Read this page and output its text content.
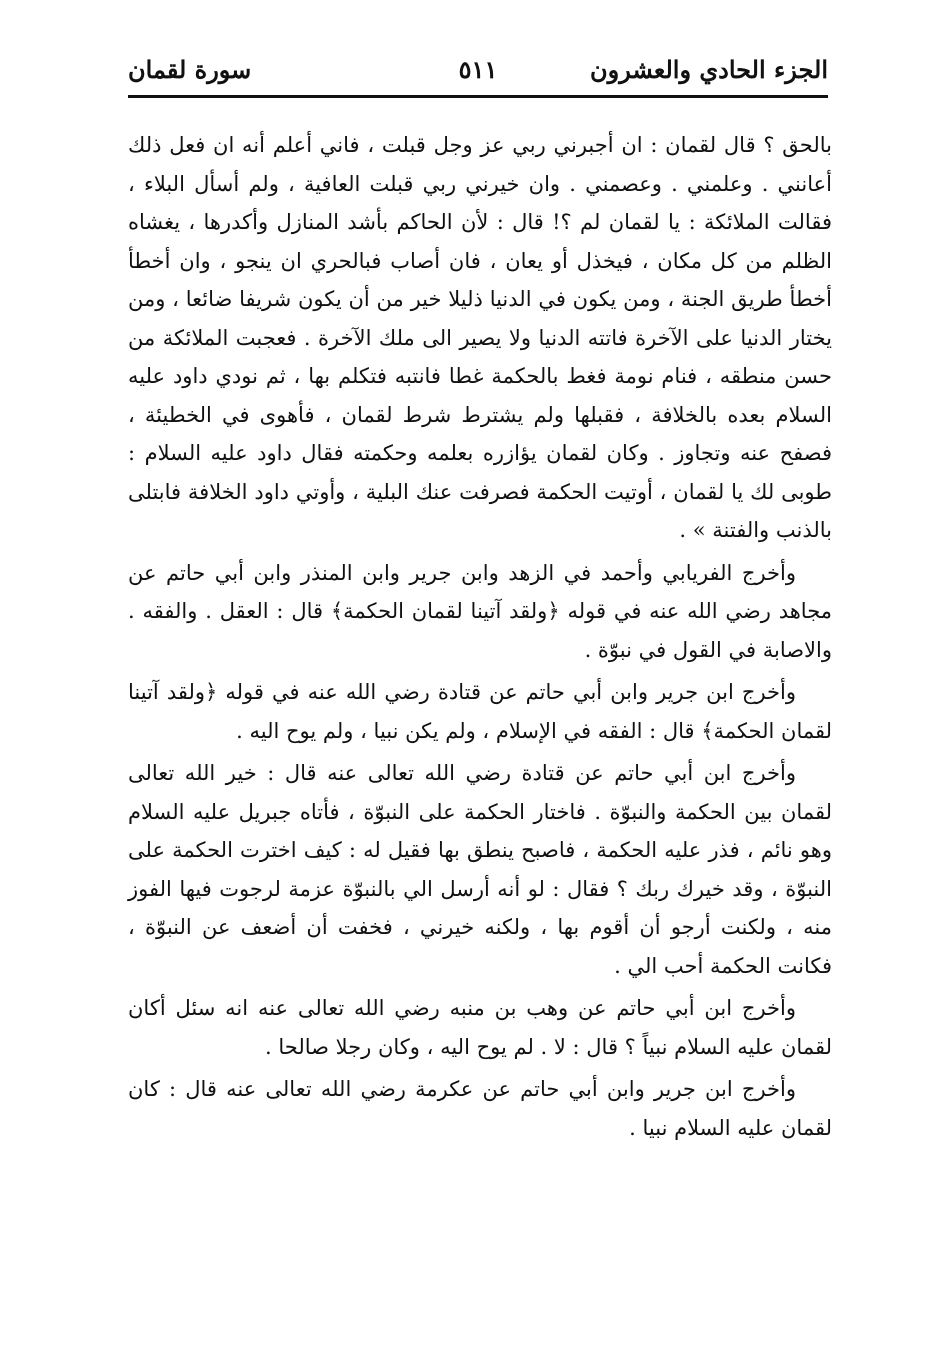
الجزء الحادي والعشرون
٥١١
سورة لقمان

بالحق ؟ قال لقمان : ان أجبرني ربي عز وجل قبلت ، فاني أعلم أنه ان فعل ذلك أعانني . وعلمني . وعصمني . وان خيرني ربي قبلت العافية ، ولم أسأل البلاء ، فقالت الملائكة : يا لقمان لم ؟! قال : لأن الحاكم بأشد المنازل وأكدرها ، يغشاه الظلم من كل مكان ، فيخذل أو يعان ، فان أصاب فبالحري ان ينجو ، وان أخطأ أخطأ طريق الجنة ، ومن يكون في الدنيا ذليلا خير من أن يكون شريفا ضائعا ، ومن يختار الدنيا على الآخرة فاتته الدنيا ولا يصير الى ملك الآخرة . فعجبت الملائكة من حسن منطقه ، فنام نومة فغط بالحكمة غطا فانتبه فتكلم بها ، ثم نودي داود عليه السلام بعده بالخلافة ، فقبلها ولم يشترط شرط لقمان ، فأهوى في الخطيئة ، فصفح عنه وتجاوز . وكان لقمان يؤازره بعلمه وحكمته فقال داود عليه السلام : طوبى لك يا لقمان ، أوتيت الحكمة فصرفت عنك البلية ، وأوتي داود الخلافة فابتلى بالذنب والفتنة » .

وأخرج الفريابي وأحمد في الزهد وابن جرير وابن المنذر وابن أبي حاتم عن مجاهد رضي الله عنه في قوله ﴿ولقد آتينا لقمان الحكمة﴾ قال : العقل . والفقه . والاصابة في القول في نبوّة .

وأخرج ابن جرير وابن أبي حاتم عن قتادة رضي الله عنه في قوله ﴿ولقد آتينا لقمان الحكمة﴾ قال : الفقه في الإسلام ، ولم يكن نبيا ، ولم يوح اليه .

وأخرج ابن أبي حاتم عن قتادة رضي الله تعالى عنه قال : خير الله تعالى لقمان بين الحكمة والنبوّة . فاختار الحكمة على النبوّة ، فأتاه جبريل عليه السلام وهو نائم ، فذر عليه الحكمة ، فاصبح ينطق بها فقيل له : كيف اخترت الحكمة على النبوّة ، وقد خيرك ربك ؟ فقال : لو أنه أرسل الي بالنبوّة عزمة لرجوت فيها الفوز منه ، ولكنت أرجو أن أقوم بها ، ولكنه خيرني ، فخفت أن أضعف عن النبوّة ، فكانت الحكمة أحب الي .

وأخرج ابن أبي حاتم عن وهب بن منبه رضي الله تعالى عنه انه سئل أكان لقمان عليه السلام نبياً ؟ قال : لا . لم يوح اليه ، وكان رجلا صالحا .

وأخرج ابن جرير وابن أبي حاتم عن عكرمة رضي الله تعالى عنه قال : كان لقمان عليه السلام نبيا .
